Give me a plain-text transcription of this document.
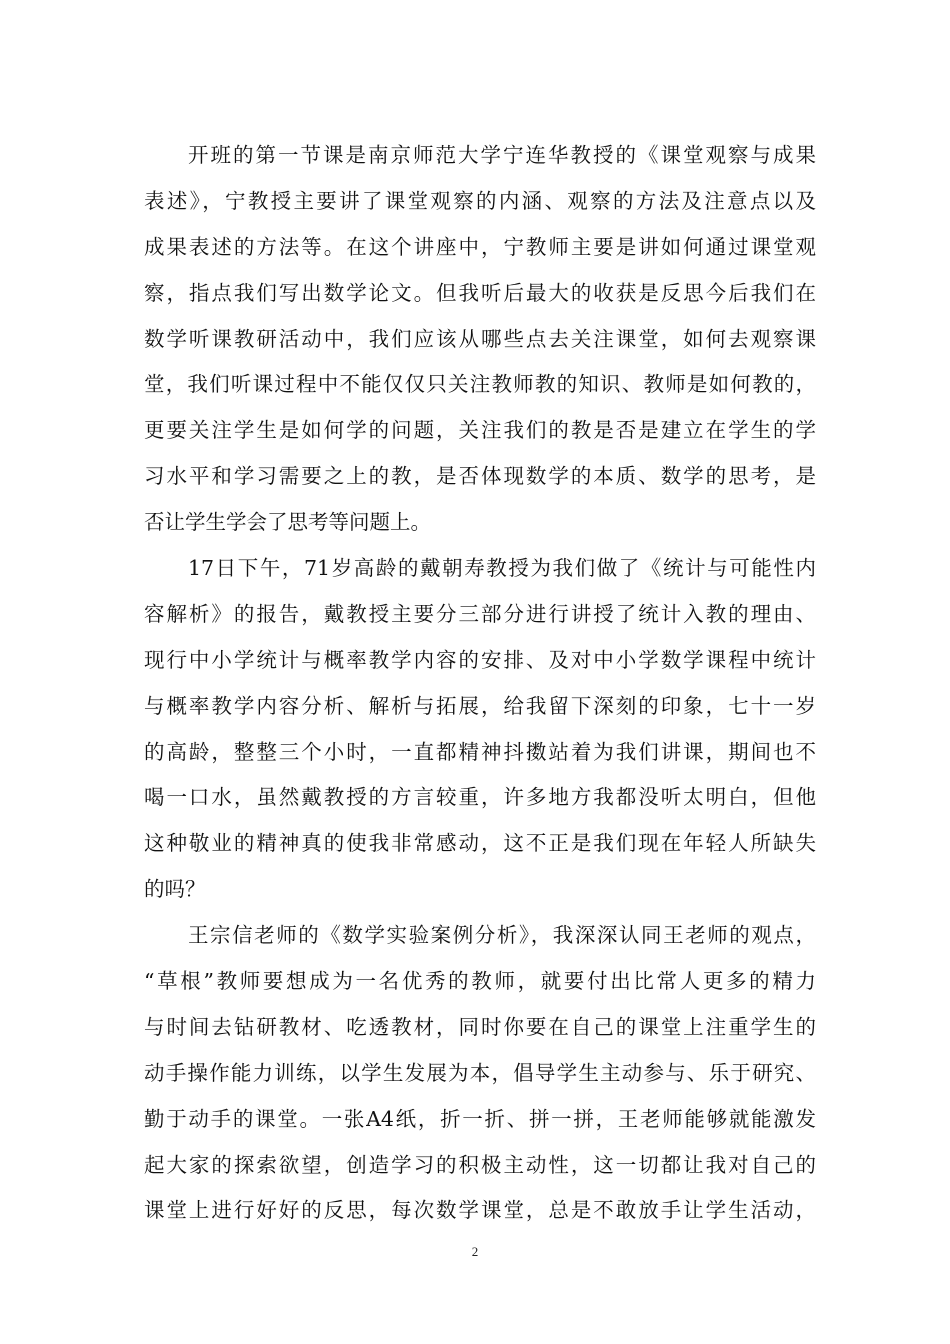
开班的第一节课是南京师范大学宁连华教授的《课堂观察与成果
表述》，宁教授主要讲了课堂观察的内涵、观察的方法及注意点以及
成果表述的方法等。在这个讲座中，宁教师主要是讲如何通过课堂观
察，指点我们写出数学论文。但我听后最大的收获是反思今后我们在
数学听课教研活动中，我们应该从哪些点去关注课堂，如何去观察课
堂，我们听课过程中不能仅仅只关注教师教的知识、教师是如何教的，
更要关注学生是如何学的问题，关注我们的教是否是建立在学生的学
习水平和学习需要之上的教，是否体现数学的本质、数学的思考，是
否让学生学会了思考等问题上。
17日下午，71岁高龄的戴朝寿教授为我们做了《统计与可能性内
容解析》的报告，戴教授主要分三部分进行讲授了统计入教的理由、
现行中小学统计与概率教学内容的安排、及对中小学数学课程中统计
与概率教学内容分析、解析与拓展，给我留下深刻的印象，七十一岁
的高龄，整整三个小时，一直都精神抖擞站着为我们讲课，期间也不
喝一口水，虽然戴教授的方言较重，许多地方我都没听太明白，但他
这种敬业的精神真的使我非常感动，这不正是我们现在年轻人所缺失
的吗？
王宗信老师的《数学实验案例分析》，我深深认同王老师的观点，
“草根”教师要想成为一名优秀的教师，就要付出比常人更多的精力
与时间去钻研教材、吃透教材，同时你要在自己的课堂上注重学生的
动手操作能力训练，以学生发展为本，倡导学生主动参与、乐于研究、
勤于动手的课堂。一张A4纸，折一折、拼一拼，王老师能够就能激发
起大家的探索欲望，创造学习的积极主动性，这一切都让我对自己的
课堂上进行好好的反思，每次数学课堂，总是不敢放手让学生活动，
2
